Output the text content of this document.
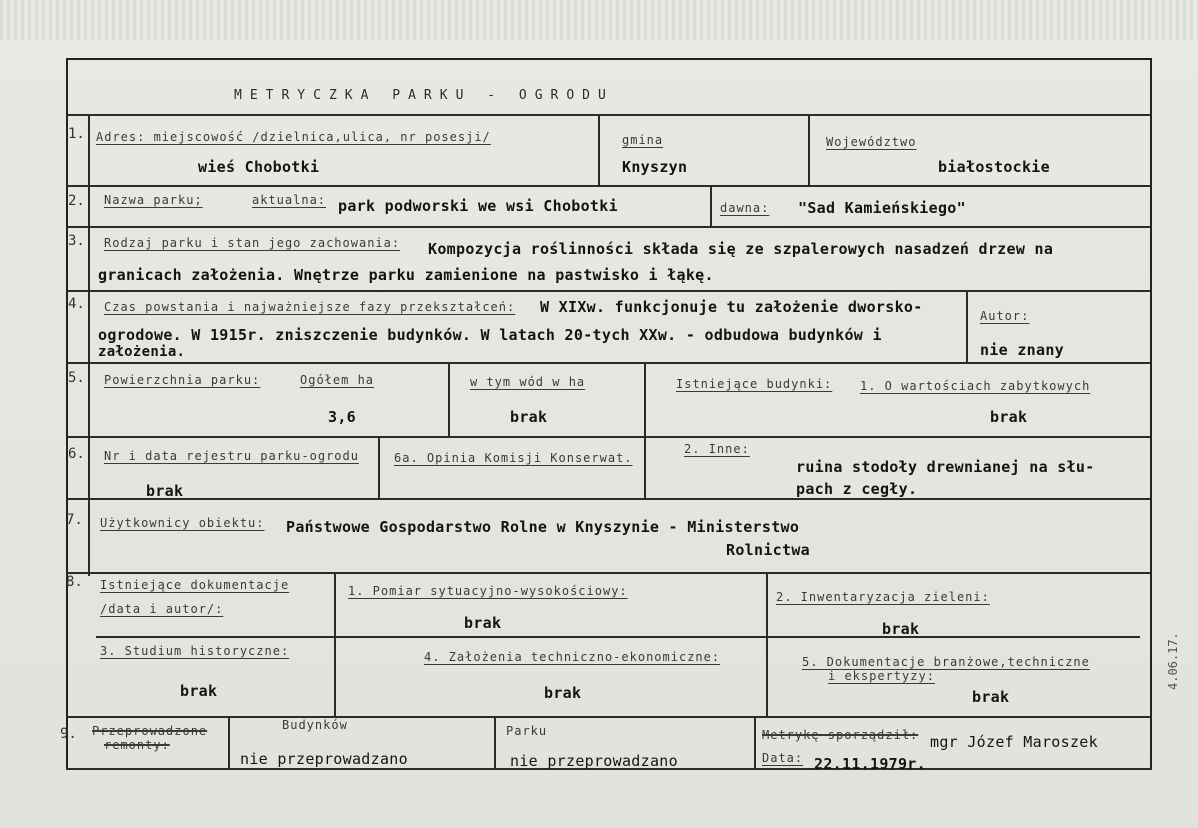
METRYCZKA PARKU - OGRODU
1. Adres: miejscowość /dzielnica,ulica, nr posesji/
wieś Chobotki
gmina
Knyszyn
Województwo
białostockie
2. Nazwa parku;	aktualna: park podworski we wsi Chobotki	dawna: "Sad Kamieńskiego"
3. Rodzaj parku i stan jego zachowania: Kompozycja roślinności składa się ze szpalerowych nasadzeń drzew na
granicach założenia. Wnętrze parku zamienione na pastwisko i łąkę.
4. Czas powstania i najważniejsze fazy przekształceń: W XIXw. funkcjonuje tu założenie dworsko-
ogrodowe. W 1915r. zniszczenie budynków. W latach 20-tych XXw. - odbudowa budynków i
założenia.
Autor:
nie znany
5. Powierzchnia parku:	Ogółem ha
3,6
w tym wód w ha
brak
Istniejące budynki: 1. O wartościach zabytkowych
brak
6. Nr i data rejestru parku-ogrodu
brak
6a. Opinia Komisji Konserwat.
2. Inne:
ruina stodoły drewnianej na słu-
pach z cegły.
7. Użytkownicy obiektu: Państwowe Gospodarstwo Rolne w Knyszynie - Ministerstwo
Rolnictwa
8. Istniejące dokumentacje
/data i autor/:
1. Pomiar sytuacyjno-wysokościowy:
brak
2. Inwentaryzacja zieleni:
brak
3. Studium historyczne:
brak
4. Założenia techniczno-ekonomiczne:
brak
5. Dokumentacje branżowe,techniczne
i ekspertyzy:
brak
9. Przeprowadzone
remonty:
Budynków
nie przeprowadzano
Parku
nie przeprowadzano
Metrykę sporządził: mgr Józef Maroszek
Data: 22.11.1979r.
4.06.17.
